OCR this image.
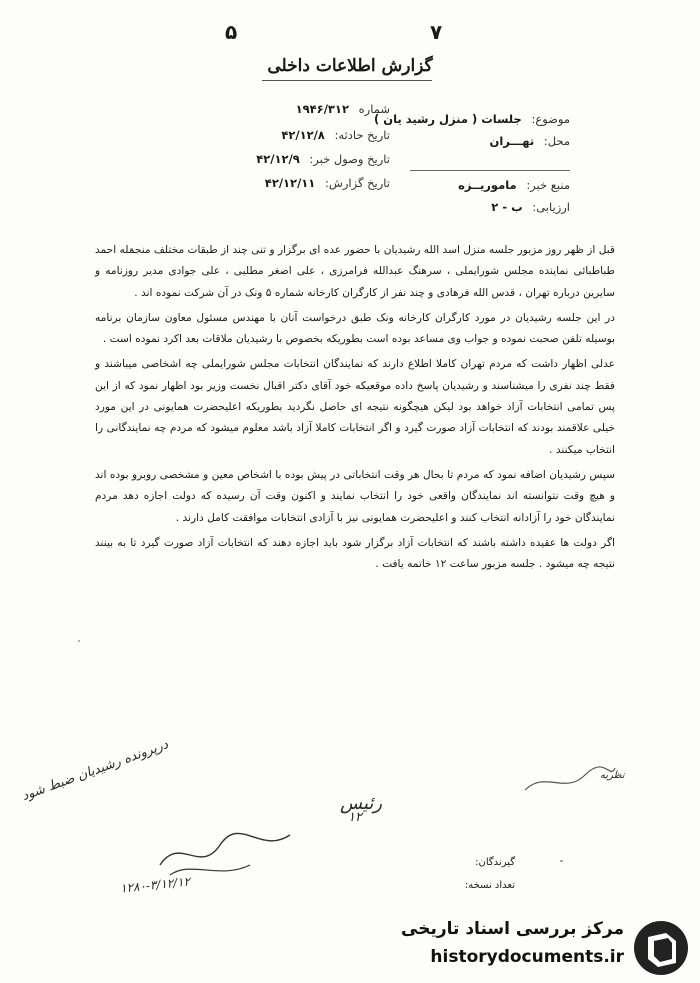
۷
۵
گزارش اطلاعات داخلی
موضوع: جلسات ( منزل رشید یان )
محل: تهـــران
منبع خبر: ماموریــزه
ارزیابی: ب - ۲
شماره ۱۹۴۶/۳۱۲
تاریخ حادثه: ۴۲/۱۲/۸
تاریخ وصول خبر: ۴۲/۱۲/۹
تاریخ گزارش: ۴۲/۱۲/۱۱

قبل از ظهر روز مزبور جلسه منزل اسد الله رشیدیان با حضور عده ای برگزار و تنی چند از طبقات مختلف منجمله احمد طباطبائی نماینده مجلس شورایملی ، سرهنگ عبدالله فرامرزی ، علی اصغر مطلبی ، علی جوادی مدیر روزنامه و سایرین درباره تهران ، قدس الله فرهادی و چند نفر از کارگران کارخانه شماره ۵ ونک در آن شرکت نموده اند .

در این جلسه رشیدیان در مورد کارگران کارخانه ونک طبق درخواست آنان با مهندس مسئول معاون سازمان برنامه بوسیله تلفن صحبت نموده و جواب وی مساعد بوده است بطوریکه بخصوص با رشیدیان ملاقات بعد اکرد نموده است .

عدلی اظهار داشت که مردم تهران کاملا اطلاع دارند که نمایندگان انتخابات مجلس شورایملی چه اشخاصی میباشند و فقط چند نفری را میشناسند و رشیدیان پاسخ داده موقعیکه خود آقای دکتر اقبال نخست وزیر بود اظهار نمود که از این پس تمامی انتخابات آزاد خواهد بود لیکن هیچگونه نتیجه ای حاصل نگردید بطوریکه اعلیحضرت همایونی در این مورد خیلی علاقمند بودند که انتخابات آزاد صورت گیرد و اگر انتخابات کاملا آزاد باشد معلوم میشود که مردم چه نمایندگانی را انتخاب میکنند .

سپس رشیدیان اضافه نمود که مردم تا بحال هر وقت انتخاباتی در پیش بوده با اشخاص معین و مشخصی روبرو بوده اند و هیچ وقت نتوانسته اند نمایندگان واقعی خود را انتخاب نمایند و اکنون وقت آن رسیده که دولت اجازه دهد مردم نمایندگان خود را آزادانه انتخاب کنند و اعلیحضرت همایونی نیز با آزادی انتخابات موافقت کامل دارند .

اگر دولت ها عقیده داشته باشند که انتخابات آزاد برگزار شود باید اجازه دهند که انتخابات آزاد صورت گیرد تا به بینند نتیجه چه میشود . جلسه مزبور ساعت ۱۲ خاتمه یافت .

رئیس
۱۲
درپرونده رشیدیان ضبط شود	نظریه
۱۲۸۰-۳/۱۲/۱۲
گیرندگان:
تعداد نسخه:
مرکز بررسی اسناد تاریخی
historydocuments.ir
